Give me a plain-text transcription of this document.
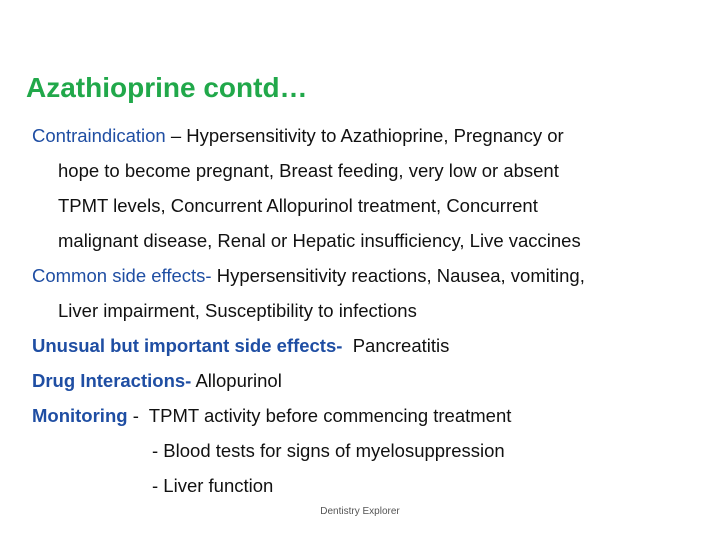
Azathioprine contd…
Contraindication – Hypersensitivity to Azathioprine, Pregnancy or
hope to become pregnant, Breast feeding, very low or absent
TPMT levels, Concurrent Allopurinol treatment, Concurrent
malignant disease, Renal or Hepatic insufficiency, Live vaccines
Common side effects- Hypersensitivity reactions, Nausea, vomiting,
Liver impairment, Susceptibility to infections
Unusual but important side effects-  Pancreatitis
Drug Interactions- Allopurinol
Monitoring -  TPMT activity before commencing treatment
- Blood tests for signs of myelosuppression
- Liver function
Dentistry Explorer
